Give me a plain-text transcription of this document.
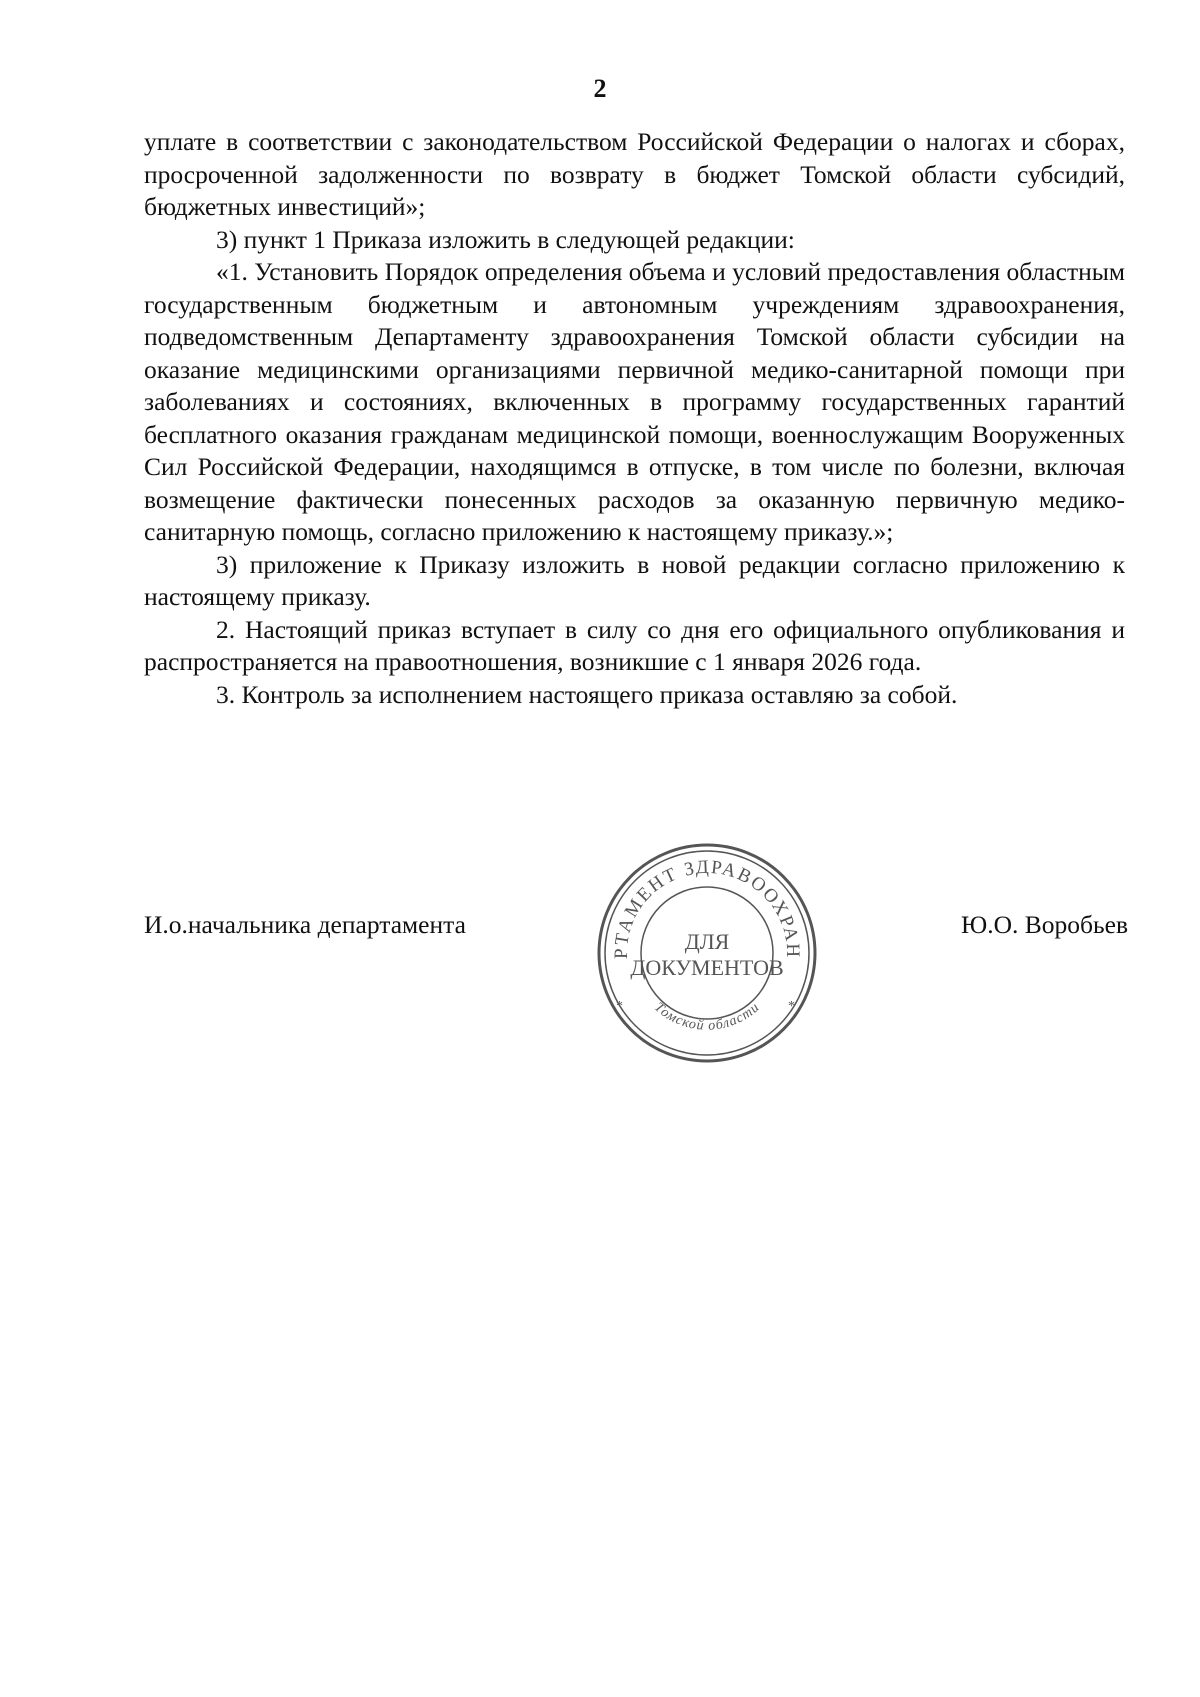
2

уплате в соответствии с законодательством Российской Федерации о налогах и сборах, просроченной задолженности по возврату в бюджет Томской области субсидий, бюджетных инвестиций»;

3) пункт 1 Приказа изложить в следующей редакции:

«1. Установить Порядок определения объема и условий предоставления областным государственным бюджетным и автономным учреждениям здравоохранения, подведомственным Департаменту здравоохранения Томской области субсидии на оказание медицинскими организациями первичной медико-санитарной помощи при заболеваниях и состояниях, включенных в программу государственных гарантий бесплатного оказания гражданам медицинской помощи, военнослужащим Вооруженных Сил Российской Федерации, находящимся в отпуске, в том числе по болезни, включая возмещение фактически понесенных расходов за оказанную первичную медико-санитарную помощь, согласно приложению к настоящему приказу.»;

3) приложение к Приказу изложить в новой редакции согласно приложению к настоящему приказу.

2. Настоящий приказ вступает в силу со дня его официального опубликования и распространяется на правоотношения, возникшие с 1 января 2026 года.

3. Контроль за исполнением настоящего приказа оставляю за собой.

И.о.начальника департамента
РТАМЕНТ ЗДРАВООХРАН
Томской области
*	*
ДЛЯ
ДОКУМЕНТОВ
Ю.О. Воробьев
